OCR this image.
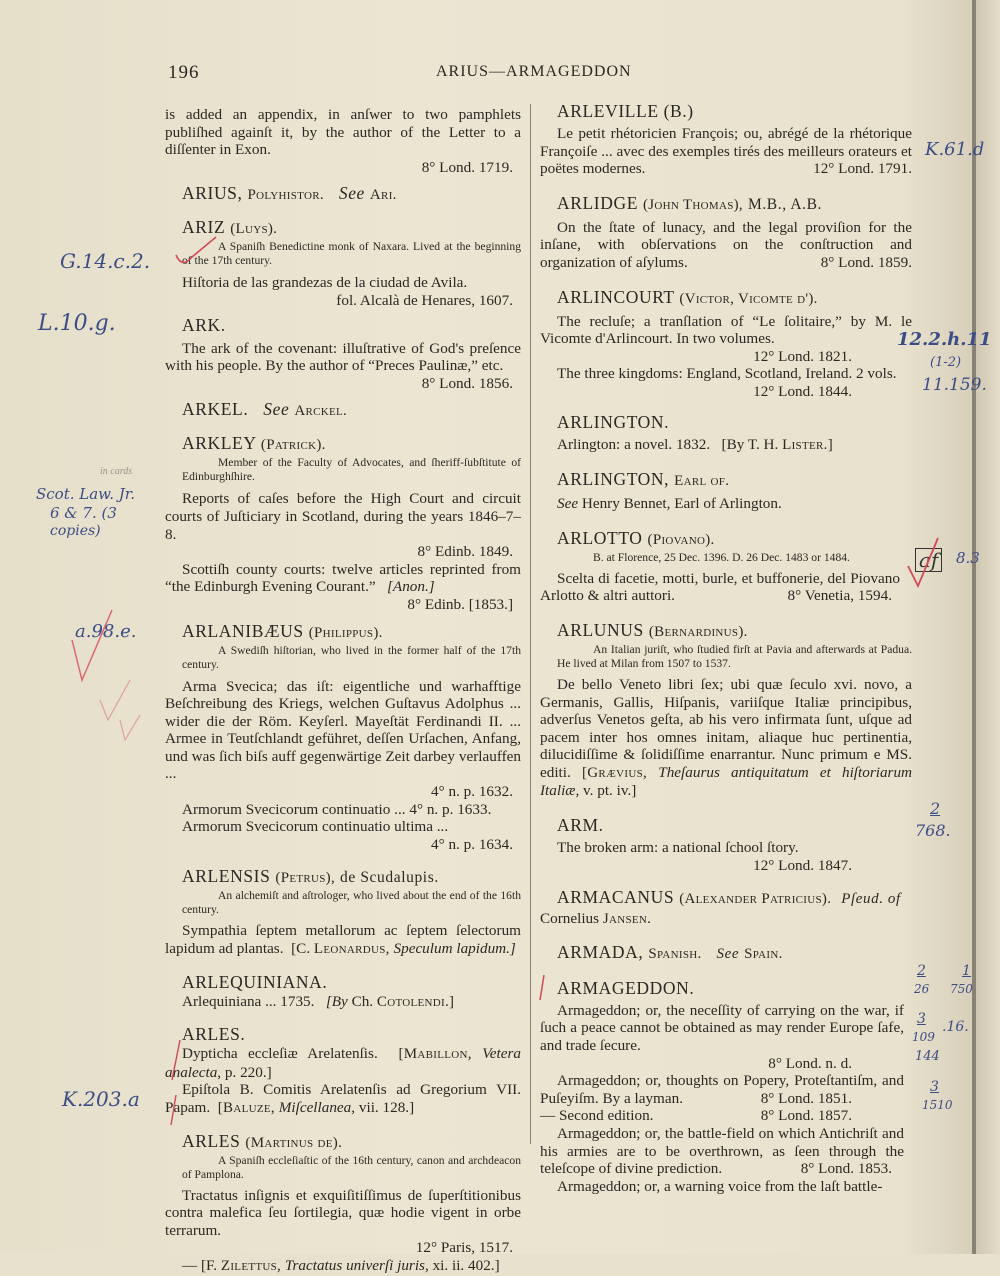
196	ARIUS—ARMAGEDDON
is added an appendix, in anſwer to two pamphlets publiſhed againſt it, by the author of the Letter to a diſſenter in Exon.
8° Lond. 1719.
ARIUS, Polyhistor. See Ari.
ARIZ (Luys).
A Spaniſh Benedictine monk of Naxara. Lived at the beginning of the 17th century.
Hiſtoria de las grandezas de la ciudad de Avila.
fol. Alcalà de Henares, 1607.
ARK.
The ark of the covenant: illuſtrative of God's preſence with his people. By the author of “Preces Paulinæ,” etc.
8° Lond. 1856.
ARKEL. See Arckel.
ARKLEY (Patrick).
Member of the Faculty of Advocates, and ſheriff-ſubſtitute of Edinburghſhire.
Reports of caſes before the High Court and circuit courts of Juſticiary in Scotland, during the years 1846–7–8.
8° Edinb. 1849.
Scottiſh county courts: twelve articles reprinted from “the Edinburgh Evening Courant.” [Anon.]
8° Edinb. [1853.]
ARLANIBÆUS (Philippus).
A Swediſh hiſtorian, who lived in the former half of the 17th century.
Arma Svecica; das iſt: eigentliche und warhafftige Beſchreibung des Kriegs, welchen Guſtavus Adolphus ... wider die der Röm. Keyſerl. Mayeſtät Ferdinandi II. ... Armee in Teutſchlandt geführet, deſſen Urſachen, Anfang, und was ſich biſs auff gegenwärtige Zeit darbey verlauffen ...
4° n. p. 1632.
Armorum Svecicorum continuatio ... 4° n. p. 1633.
Armorum Svecicorum continuatio ultima ...
4° n. p. 1634.
ARLENSIS (Petrus), de Scudalupis.
An alchemiſt and aſtrologer, who lived about the end of the 16th century.
Sympathia ſeptem metallorum ac ſeptem ſelectorum lapidum ad plantas. [C. Leonardus, Speculum lapidum.]
ARLEQUINIANA.
Arlequiniana ... 1735. [By Ch. Cotolendi.]
ARLES.
Dypticha eccleſiæ Arelatenſis. [Mabillon, Vetera analecta, p. 220.]
Epiſtola B. Comitis Arelatenſis ad Gregorium VII. Papam. [Baluze, Miſcellanea, vii. 128.]
ARLES (Martinus de).
A Spaniſh eccleſiaſtic of the 16th century, canon and archdeacon of Pamplona.
Tractatus inſignis et exquiſitiſſimus de ſuperſtitionibus contra malefica ſeu ſortilegia, quæ hodie vigent in orbe terrarum.
12° Paris, 1517.
— [F. Zilettus, Tractatus univerſi juris, xi. ii. 402.]
ARLEVILLE (B.)
Le petit rhétoricien François; ou, abrégé de la rhétorique Françoiſe ... avec des exemples tirés des meilleurs orateurs et poëtes modernes.	12° Lond. 1791.
ARLIDGE (John Thomas), M.B., A.B.
On the ſtate of lunacy, and the legal proviſion for the inſane, with obſervations on the conſtruction and organization of aſylums.	8° Lond. 1859.
ARLINCOURT (Victor, Vicomte d').
The recluſe; a tranſlation of “Le ſolitaire,” by M. le Vicomte d'Arlincourt. In two volumes.
12° Lond. 1821.
The three kingdoms: England, Scotland, Ireland. 2 vols.
12° Lond. 1844.
ARLINGTON.
Arlington: a novel. 1832. [By T. H. Lister.]
ARLINGTON, Earl of.
See Henry Bennet, Earl of Arlington.
ARLOTTO (Piovano).
B. at Florence, 25 Dec. 1396. D. 26 Dec. 1483 or 1484.
Scelta di facetie, motti, burle, et buffonerie, del Piovano Arlotto & altri auttori.	8° Venetia, 1594.
ARLUNUS (Bernardinus).
An Italian juriſt, who ſtudied firſt at Pavia and afterwards at Padua. He lived at Milan from 1507 to 1537.
De bello Veneto libri ſex; ubi quæ ſeculo xvi. novo, a Germanis, Gallis, Hiſpanis, variiſque Italiæ principibus, adverſus Venetos geſta, ab his vero infirmata ſunt, uſque ad pacem inter hos omnes initam, aliaque huc pertinentia, dilucidiſſime & ſolidiſſime enarrantur. Nunc primum e MS. editi. [Grævius, Theſaurus antiquitatum et hiſtoriarum Italiæ, v. pt. iv.]
ARM.
The broken arm: a national ſchool ſtory.
12° Lond. 1847.
ARMACANUS (Alexander Patricius). Pſeud. of
Cornelius Jansen.
ARMADA, Spanish. See Spain.
ARMAGEDDON.
Armageddon; or, the neceſſity of carrying on the war, if ſuch a peace cannot be obtained as may render Europe ſafe, and trade ſecure.
8° Lond. n. d.
Armageddon; or, thoughts on Popery, Proteſtantiſm, and Puſeyiſm. By a layman.	8° Lond. 1851.
— Second edition.	8° Lond. 1857.
Armageddon; or, the battle-field on which Antichriſt and his armies are to be overthrown, as ſeen through the teleſcope of divine prediction.	8° Lond. 1853.
Armageddon; or, a warning voice from the laſt battle-
G.14.c.2.
L.10.g.
Scot. Law. Jr.
6 & 7. (3
copies)
a.98.e.
K.203.a
K.61.d
12.2.h.11
(1-2)
11.159.
af 8.3
2
768.
2
26
1
750
3
109
.16.
144
3
1510
in cards
